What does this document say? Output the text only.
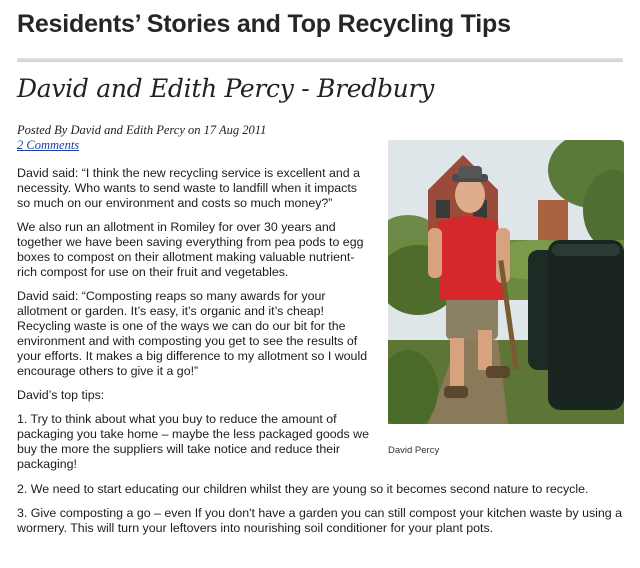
Residents’ Stories and Top Recycling Tips
David and Edith Percy - Bredbury
Posted By David and Edith Percy on 17 Aug 2011
2 Comments

David said: “I think the new recycling service is excellent and a necessity. Who wants to send waste to landfill when it impacts so much on our environment and costs so much money?”

We also run an allotment in Romiley for over 30 years and together we have been saving everything from pea pods to egg boxes to compost on their allotment making valuable nutrient-rich compost for use on their fruit and vegetables.

David said: “Composting reaps so many awards for your allotment or garden. It’s easy, it’s organic and it’s cheap! Recycling waste is one of the ways we can do our bit for the environment and with composting you get to see the results of your efforts. It makes a big difference to my allotment so I would encourage others to give it a go!”

David’s top tips:

1. Try to think about what you buy to reduce the amount of packaging you take home – maybe the less packaged goods we buy the more the suppliers will take notice and reduce their packaging!

2. We need to start educating our children whilst they are young so it becomes second nature to recycle.

3. Give composting a go – even If you don't have a garden you can still compost your kitchen waste by using a wormery. This will turn your leftovers into nourishing soil conditioner for your plant pots.

David Percy
